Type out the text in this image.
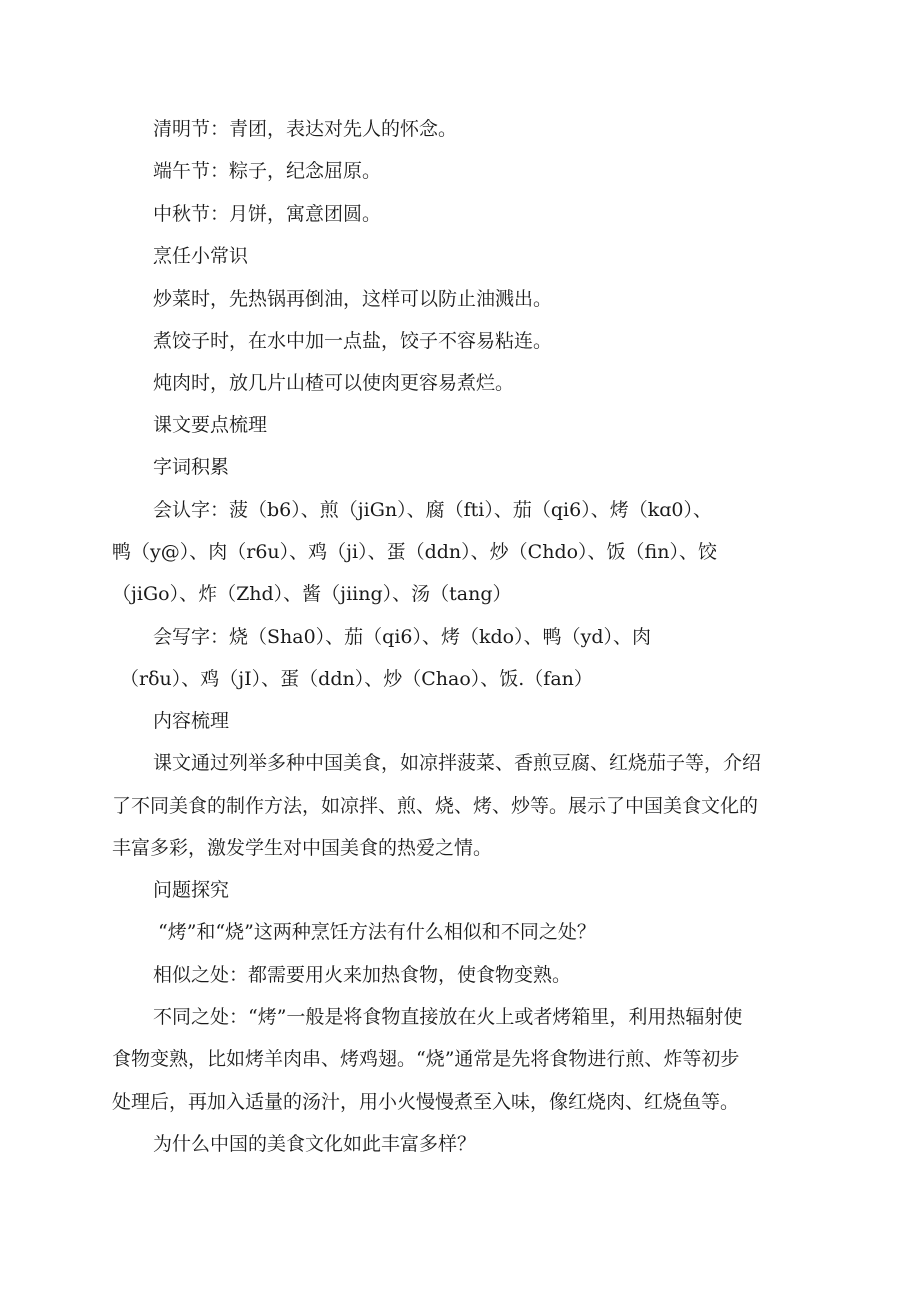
清明节：青团，表达对先人的怀念。
端午节：粽子，纪念屈原。
中秋节：月饼，寓意团圆。
烹任小常识
炒菜时，先热锅再倒油，这样可以防止油溅出。
煮饺子时，在水中加一点盐，饺子不容易粘连。
炖肉时，放几片山楂可以使肉更容易煮烂。
课文要点梳理
字词积累
会认字：菠（b6）、煎（jiGn）、腐（fti）、茄（qi6）、烤（kɑ0）、
鸭（y@）、肉（r6u）、鸡（ji）、蛋（ddn）、炒（Chdo）、饭（fin）、饺
（jiGo）、炸（Zhd）、酱（jiing）、汤（tang）
会写字：烧（Sha0）、茄（qi6）、烤（kdo）、鸭（yd）、肉
（rδu）、鸡（jI）、蛋（ddn）、炒（Chao）、饭.（fan）
内容梳理
课文通过列举多种中国美食，如凉拌菠菜、香煎豆腐、红烧茄子等，介绍
了不同美食的制作方法，如凉拌、煎、烧、烤、炒等。展示了中国美食文化的
丰富多彩，激发学生对中国美食的热爱之情。
问题探究
“烤”和“烧”这两种烹饪方法有什么相似和不同之处？
相似之处：都需要用火来加热食物，使食物变熟。
不同之处：“烤”一般是将食物直接放在火上或者烤箱里，利用热辐射使
食物变熟，比如烤羊肉串、烤鸡翅。“烧”通常是先将食物进行煎、炸等初步
处理后，再加入适量的汤汁，用小火慢慢煮至入味，像红烧肉、红烧鱼等。
为什么中国的美食文化如此丰富多样？
